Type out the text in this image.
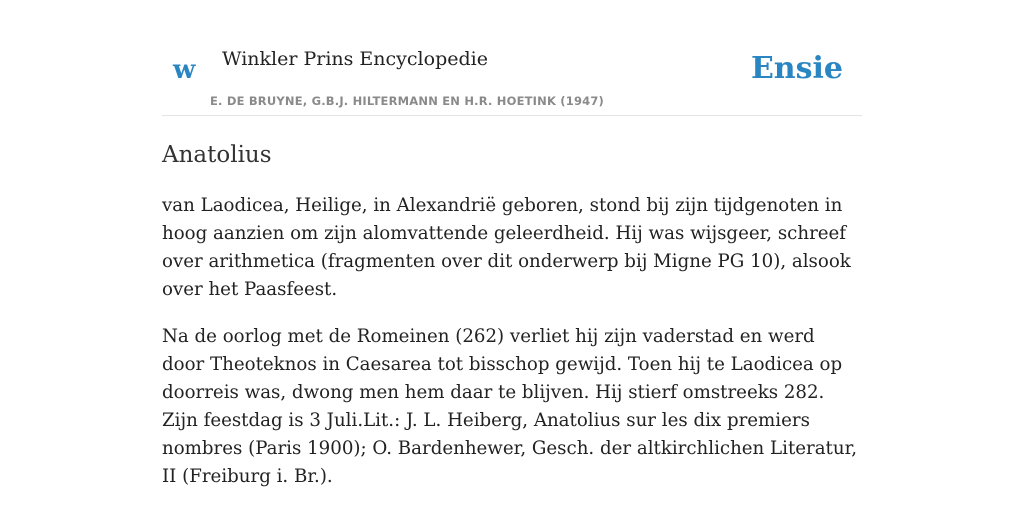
w Winkler Prins Encyclopedie
E. DE BRUYNE, G.B.J. HILTERMANN EN H.R. HOETINK (1947)
Ensie
Anatolius

van Laodicea, Heilige, in Alexandrië geboren, stond bij zijn tijdgenoten in hoog aanzien om zijn alomvattende geleerdheid. Hij was wijsgeer, schreef over arithmetica (fragmenten over dit onderwerp bij Migne PG 10), alsook over het Paasfeest.

Na de oorlog met de Romeinen (262) verliet hij zijn vaderstad en werd door Theoteknos in Caesarea tot bisschop gewijd. Toen hij te Laodicea op doorreis was, dwong men hem daar te blijven. Hij stierf omstreeks 282. Zijn feestdag is 3 Juli.Lit.: J. L. Heiberg, Anatolius sur les dix premiers nombres (Paris 1900); O. Bardenhewer, Gesch. der altkirchlichen Literatur, II (Freiburg i. Br.).
